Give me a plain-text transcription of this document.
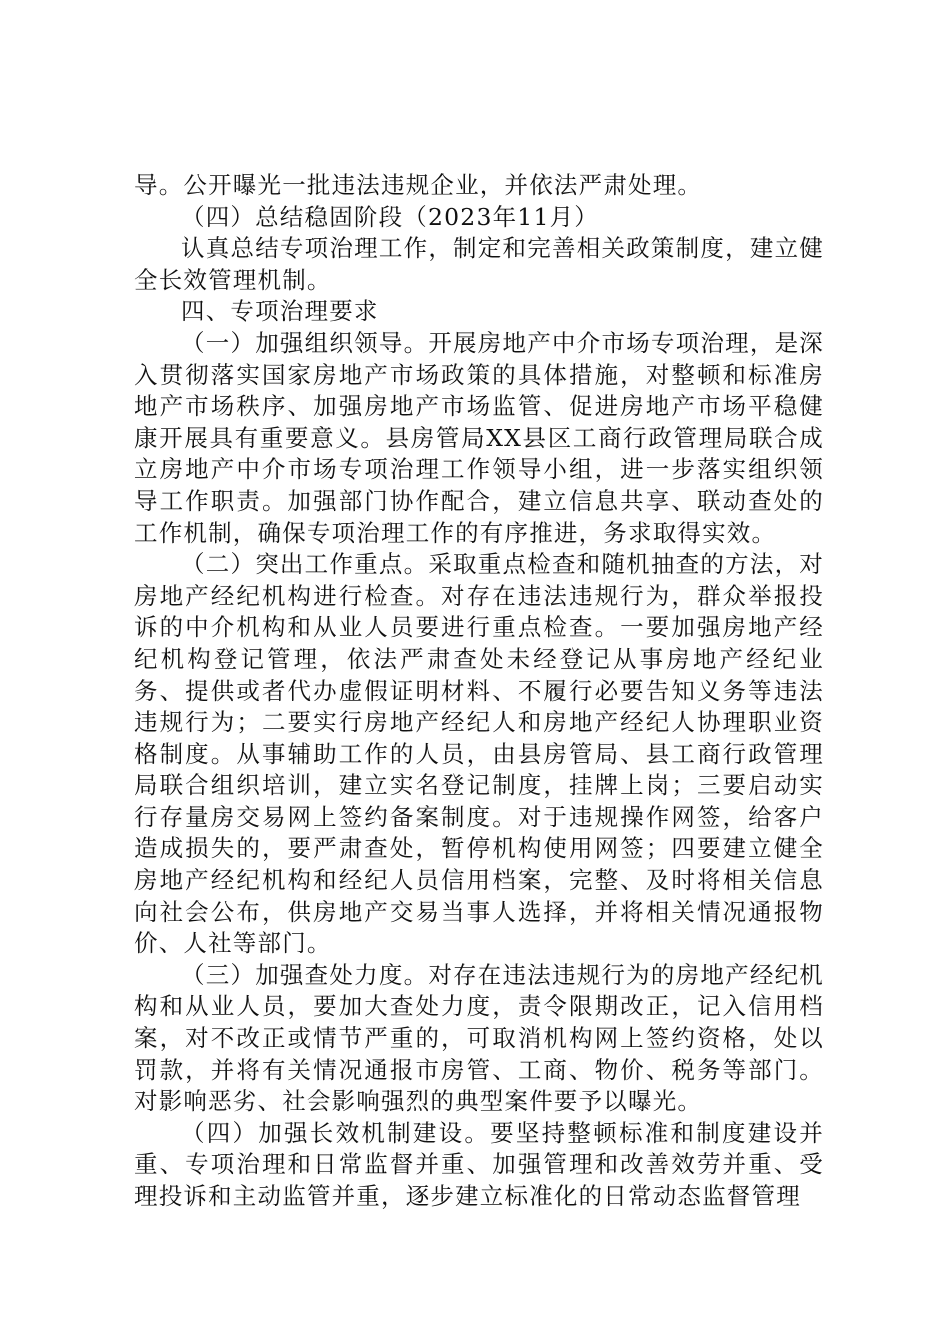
导。公开曝光一批违法违规企业，并依法严肃处理。

（四）总结稳固阶段（2023年11月）

认真总结专项治理工作，制定和完善相关政策制度，建立健全长效管理机制。

四、专项治理要求

（一）加强组织领导。开展房地产中介市场专项治理，是深入贯彻落实国家房地产市场政策的具体措施，对整顿和标准房地产市场秩序、加强房地产市场监管、促进房地产市场平稳健康开展具有重要意义。县房管局XX县区工商行政管理局联合成立房地产中介市场专项治理工作领导小组，进一步落实组织领导工作职责。加强部门协作配合，建立信息共享、联动查处的工作机制，确保专项治理工作的有序推进，务求取得实效。

（二）突出工作重点。采取重点检查和随机抽查的方法，对房地产经纪机构进行检查。对存在违法违规行为，群众举报投诉的中介机构和从业人员要进行重点检查。一要加强房地产经纪机构登记管理，依法严肃查处未经登记从事房地产经纪业务、提供或者代办虚假证明材料、不履行必要告知义务等违法违规行为；二要实行房地产经纪人和房地产经纪人协理职业资格制度。从事辅助工作的人员，由县房管局、县工商行政管理局联合组织培训，建立实名登记制度，挂牌上岗；三要启动实行存量房交易网上签约备案制度。对于违规操作网签，给客户造成损失的，要严肃查处，暂停机构使用网签；四要建立健全房地产经纪机构和经纪人员信用档案，完整、及时将相关信息向社会公布，供房地产交易当事人选择，并将相关情况通报物价、人社等部门。

（三）加强查处力度。对存在违法违规行为的房地产经纪机构和从业人员，要加大查处力度，责令限期改正，记入信用档案，对不改正或情节严重的，可取消机构网上签约资格，处以罚款，并将有关情况通报市房管、工商、物价、税务等部门。对影响恶劣、社会影响强烈的典型案件要予以曝光。

（四）加强长效机制建设。要坚持整顿标准和制度建设并重、专项治理和日常监督并重、加强管理和改善效劳并重、受理投诉和主动监管并重，逐步建立标准化的日常动态监督管理
